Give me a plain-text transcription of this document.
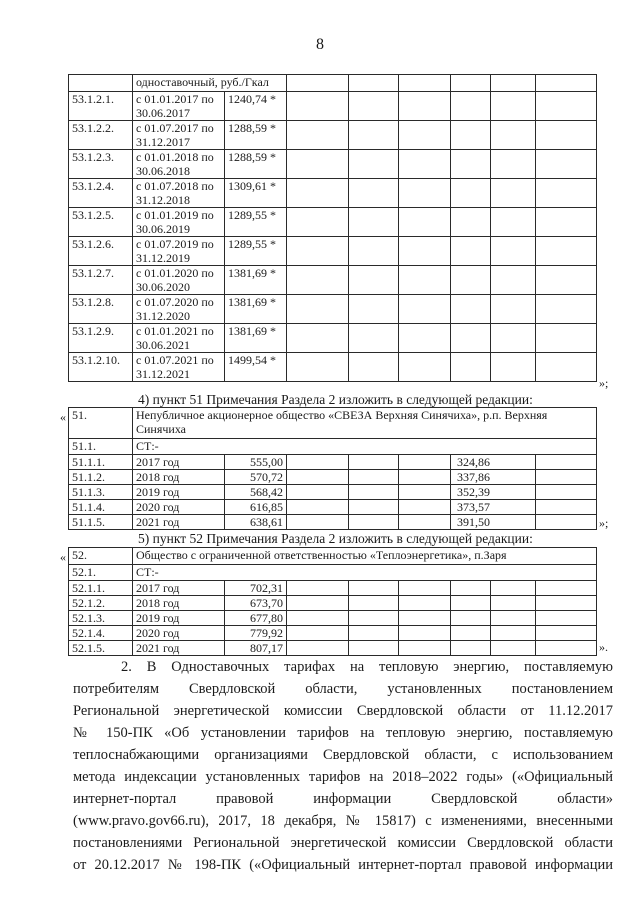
8
	одноставочный, руб./Гкал							
53.1.2.1.	с 01.01.2017 по 30.06.2017	1240,74 *						
53.1.2.2.	с 01.07.2017 по 31.12.2017	1288,59 *						
53.1.2.3.	с 01.01.2018 по 30.06.2018	1288,59 *						
53.1.2.4.	с 01.07.2018 по 31.12.2018	1309,61 *						
53.1.2.5.	с 01.01.2019 по 30.06.2019	1289,55 *						
53.1.2.6.	с 01.07.2019 по 31.12.2019	1289,55 *						
53.1.2.7.	с 01.01.2020 по 30.06.2020	1381,69 *						
53.1.2.8.	с 01.07.2020 по 31.12.2020	1381,69 *						
53.1.2.9.	с 01.01.2021 по 30.06.2021	1381,69 *						
53.1.2.10.	с 01.07.2021 по 31.12.2021	1499,54 *						
»;
4) пункт 51 Примечания Раздела 2 изложить в следующей редакции:
« 51.	Непубличное акционерное общество «СВЕЗА Верхняя Синячиха», р.п. Верхняя Синячиха						
51.1.	СТ:-						
51.1.1.	2017 год	555,00				324,86	
51.1.2.	2018 год	570,72				337,86	
51.1.3.	2019 год	568,42				352,39	
51.1.4.	2020 год	616,85				373,57	
51.1.5.	2021 год	638,61				391,50		»;
5) пункт 52 Примечания Раздела 2 изложить в следующей редакции:
« 52.	Общество с ограниченной ответственностью «Теплоэнергетика», п.Заря							
52.1.	СТ:-							
52.1.1.	2017 год	702,31						
52.1.2.	2018 год	673,70						
52.1.3.	2019 год	677,80						
52.1.4.	2020 год	779,92						
52.1.5.	2021 год	807,17							».
2. В Одноставочных тарифах на тепловую энергию, поставляемую
потребителям Свердловской области, установленных постановлением
Региональной энергетической комиссии Свердловской области от 11.12.2017
№ 150-ПК «Об установлении тарифов на тепловую энергию, поставляемую
теплоснабжающими организациями Свердловской области, с использованием
метода индексации установленных тарифов на 2018–2022 годы» («Официальный
интернет-портал правовой информации Свердловской области»
(www.pravo.gov66.ru), 2017, 18 декабря, № 15817) с изменениями, внесенными
постановлениями Региональной энергетической комиссии Свердловской области
от 20.12.2017 № 198-ПК («Официальный интернет-портал правовой информации
